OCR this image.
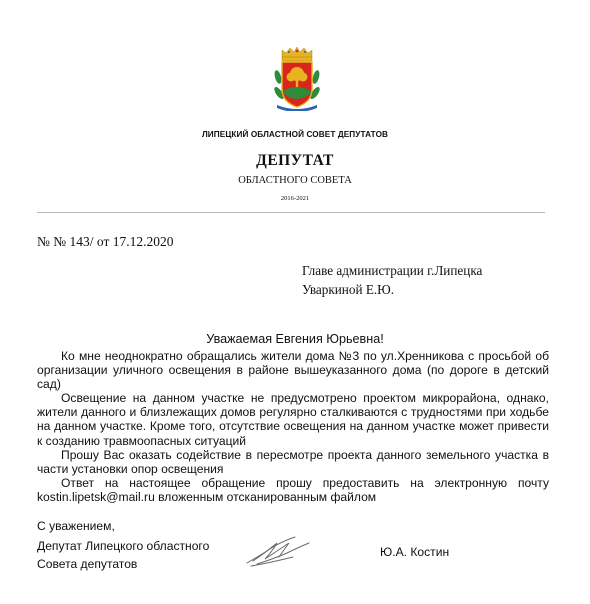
ЛИПЕЦКИЙ ОБЛАСТНОЙ СОВЕТ ДЕПУТАТОВ
ДЕПУТАТ
ОБЛАСТНОГО СОВЕТА
2016-2021
№ № 143/ от 17.12.2020
Главе администрации г.Липецка
Уваркиной Е.Ю.
Уважаемая Евгения Юрьевна!

Ко мне неоднократно обращались жители дома №3 по ул.Хренникова с просьбой об организации уличного освещения в районе вышеуказанного дома (по дороге в детский сад)

Освещение на данном участке не предусмотрено проектом микрорайона, однако, жители данного и близлежащих домов регулярно сталкиваются с трудностями при ходьбе на данном участке. Кроме того, отсутствие освещения на данном участке может привести к созданию травмоопасных ситуаций

Прошу Вас оказать содействие в пересмотре проекта данного земельного участка в части установки опор освещения

Ответ на настоящее обращение прошу предоставить на электронную почту kostin.lipetsk@mail.ru вложенным отсканированным файлом

С уважением,
Депутат Липецкого областного
Совета депутатов
Ю.А. Костин
